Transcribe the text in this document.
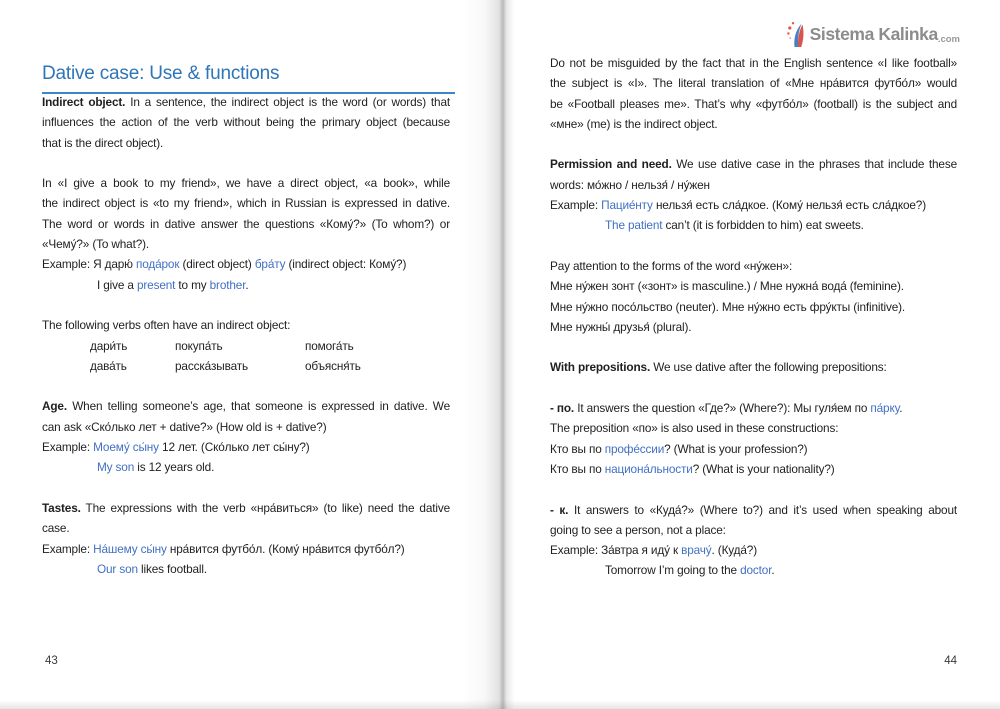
Dative case: Use & functions
Indirect object. In a sentence, the indirect object is the word (or words) that
influences the action of the verb without being the primary object (because
that is the direct object).
In «I give a book to my friend», we have a direct object, «a book», while
the indirect object is «to my friend», which in Russian is expressed in dative.
The word or words in dative answer the questions «Кому́?» (To whom?) or
«Чему́?» (To what?).
Example: Я дарю́ пода́рок (direct object) бра́ту (indirect object: Кому́?)
I give a present to my brother.
The following verbs often have an indirect object:
дари́ть	покупа́ть	помога́ть
дава́ть	расска́зывать	объясня́ть
Age. When telling someone’s age, that someone is expressed in dative. We
can ask «Ско́лько лет + dative?» (How old is + dative?)
Example: Моему́ сы́ну 12 лет. (Ско́лько лет сы́ну?)
My son is 12 years old.
Tastes. The expressions with the verb «нра́виться» (to like) need the dative
case.
Example: На́шему сы́ну нра́вится футбо́л. (Кому́ нра́вится футбо́л?)
Our son likes football.
43
Sistema Kalinka .com
Do not be misguided by the fact that in the English sentence «I like football»
the subject is «I». The literal translation of «Мне нра́вится футбо́л» would
be «Football pleases me». That’s why «футбо́л» (football) is the subject and
«мне» (me) is the indirect object.
Permission and need. We use dative case in the phrases that include these
words: мо́жно / нельзя́ / ну́жен
Example: Пацие́нту нельзя́ есть сла́дкое. (Кому́ нельзя́ есть сла́дкое?)
The patient can’t (it is forbidden to him) eat sweets.
Pay attention to the forms of the word «ну́жен»:
Мне ну́жен зонт («зонт» is masculine.) / Мне нужна́ вода́ (feminine).
Мне ну́жно посо́льство (neuter). Мне ну́жно есть фру́кты (infinitive).
Мне нужны́ друзья́ (plural).
With prepositions. We use dative after the following prepositions:
- по. It answers the question «Где?» (Where?): Мы гуля́ем по па́рку.
The preposition «по» is also used in these constructions:
Кто вы по профе́ссии? (What is your profession?)
Кто вы по национа́льности? (What is your nationality?)
- к. It answers to «Куда́?» (Where to?) and it’s used when speaking about
going to see a person, not a place:
Example: За́втра я иду́ к врачу́. (Куда́?)
Tomorrow I’m going to the doctor.
44
